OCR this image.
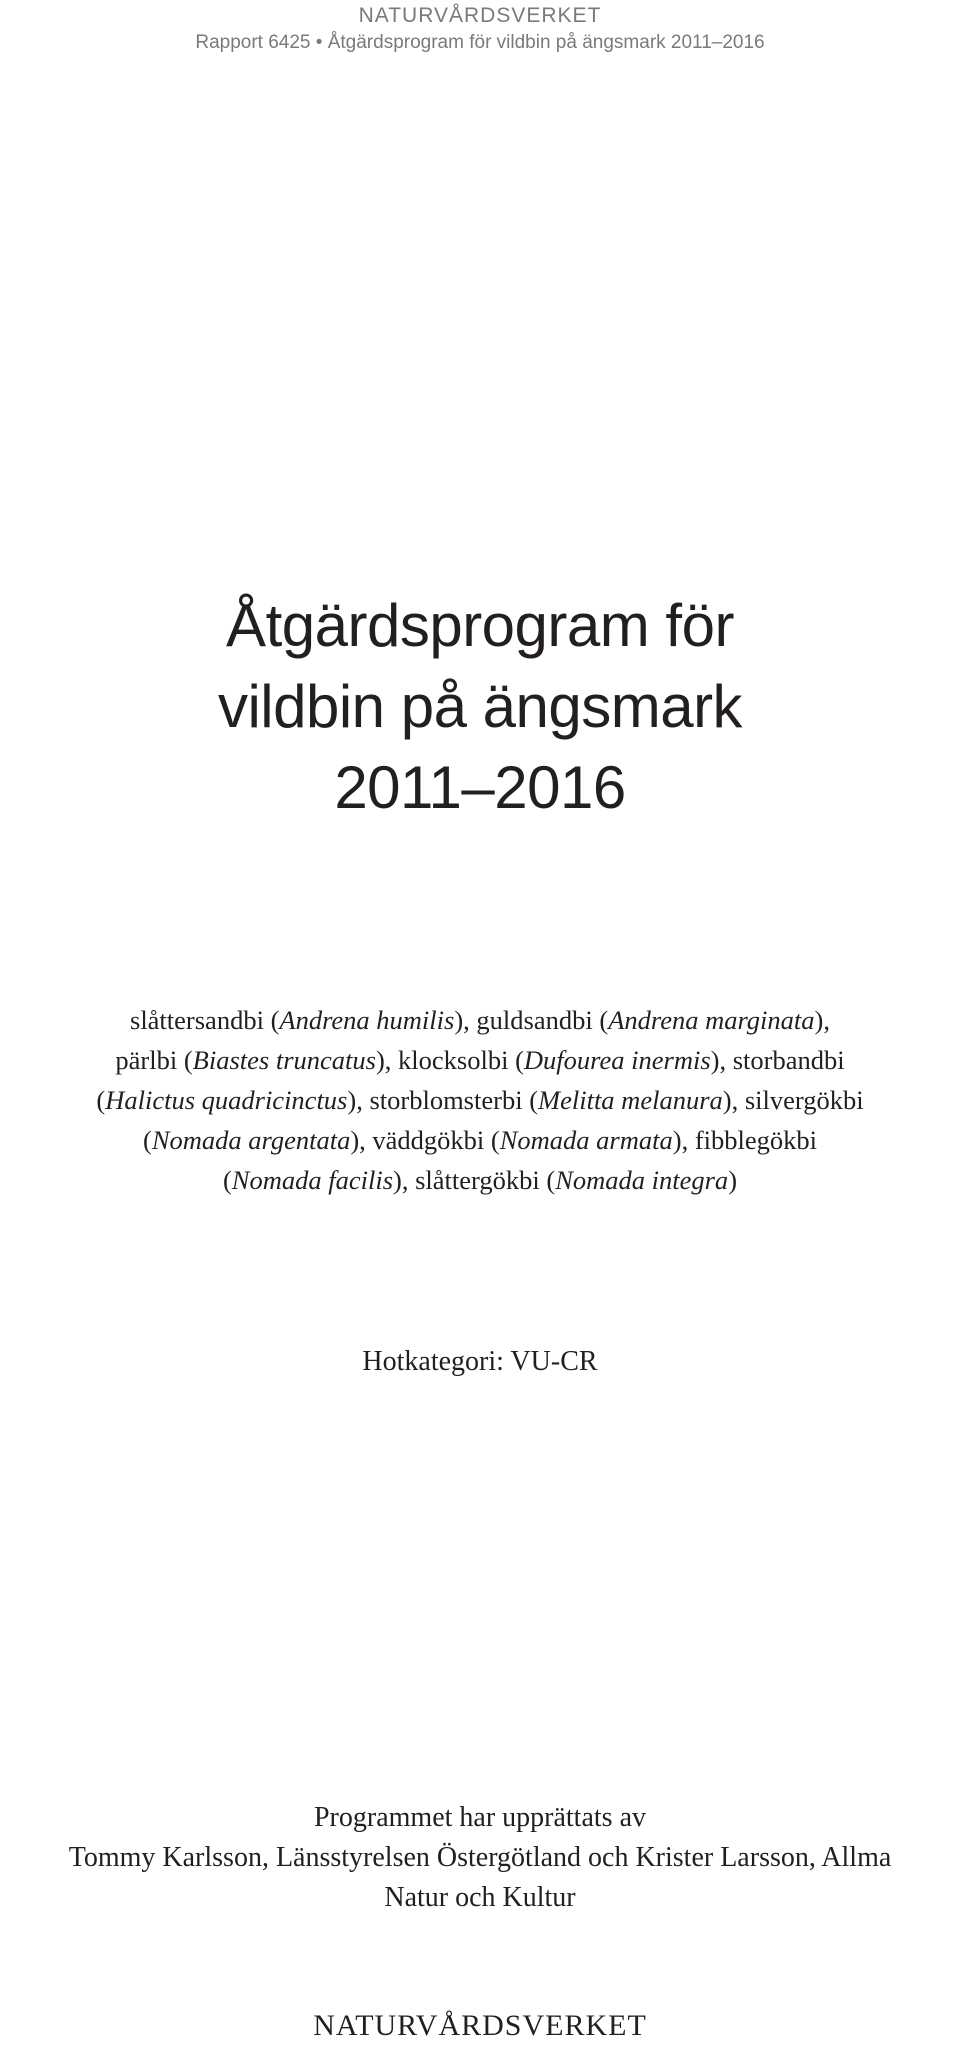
NATURVÅRDSVERKET
Rapport 6425 • Åtgärdsprogram för vildbin på ängsmark 2011–2016
Åtgärdsprogram för
vildbin på ängsmark
2011–2016
slåttersandbi (Andrena humilis), guldsandbi (Andrena marginata),
pärlbi (Biastes truncatus), klocksolbi (Dufourea inermis), storbandbi
(Halictus quadricinctus), storblomsterbi (Melitta melanura), silvergökbi
(Nomada argentata), väddgökbi (Nomada armata), fibblegökbi
(Nomada facilis), slåttergökbi (Nomada integra)
Hotkategori: VU-CR
Programmet har upprättats av
Tommy Karlsson, Länsstyrelsen Östergötland och Krister Larsson, Allma
Natur och Kultur
NATURVÅRDSVERKET
